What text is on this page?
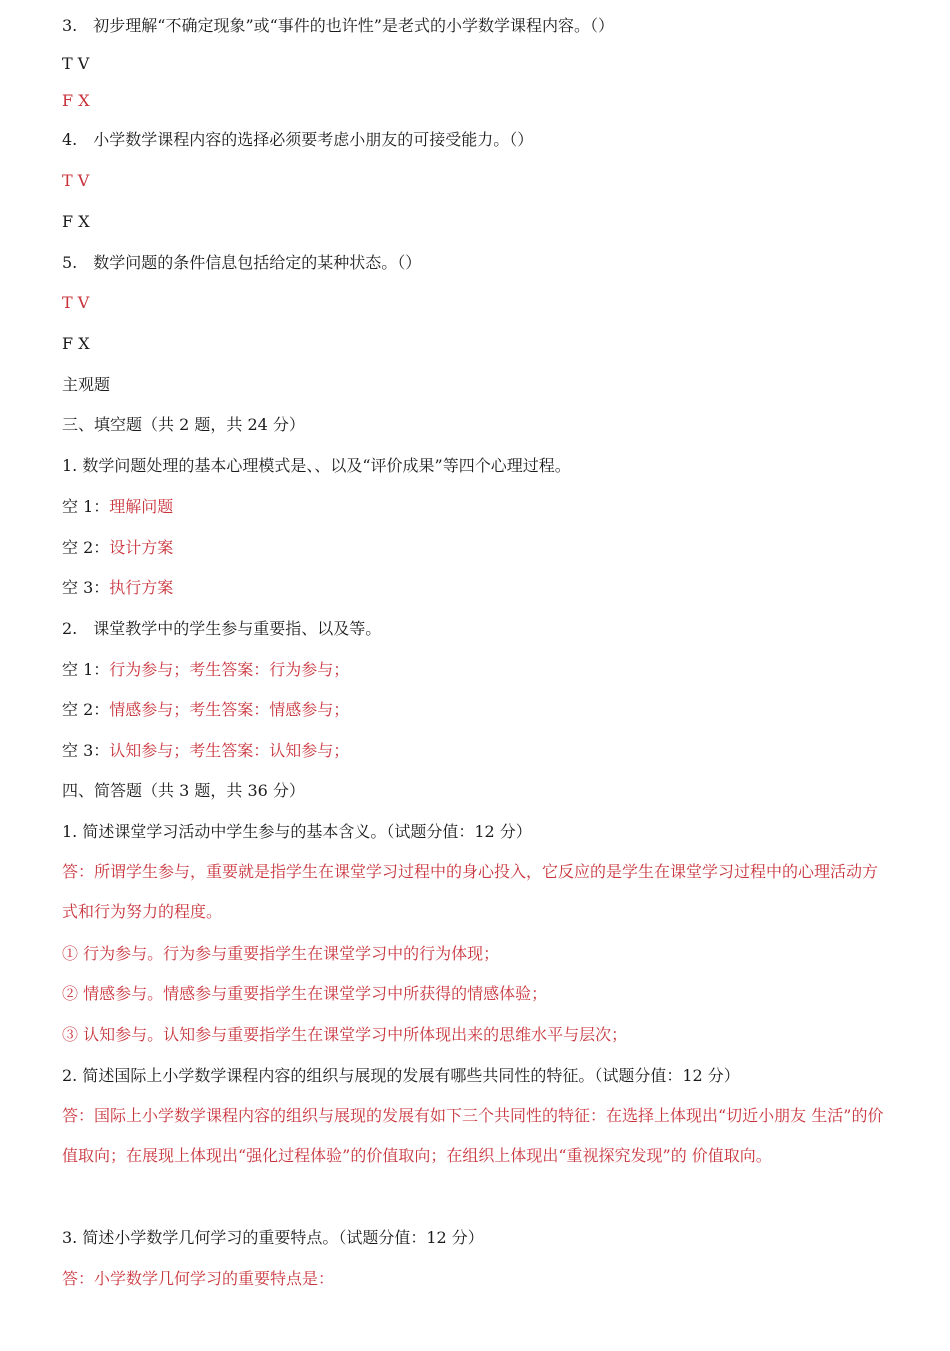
3.　初步理解“不确定现象”或“事件的也许性”是老式的小学数学课程内容。（）
T V
F X
4.　小学数学课程内容的选择必须要考虑小朋友的可接受能力。（）
T V
F X
5.　数学问题的条件信息包括给定的某种状态。（）
T V
F X
主观题
三、填空题（共 2 题，共 24 分）
1. 数学问题处理的基本心理模式是、、以及“评价成果”等四个心理过程。
空 1：理解问题
空 2：设计方案
空 3：执行方案
2.　课堂教学中的学生参与重要指、以及等。
空 1：行为参与；考生答案：行为参与；
空 2：情感参与；考生答案：情感参与；
空 3：认知参与；考生答案：认知参与；
四、简答题（共 3 题，共 36 分）
1. 简述课堂学习活动中学生参与的基本含义。（试题分值：12 分）
答：所谓学生参与，重要就是指学生在课堂学习过程中的身心投入，它反应的是学生在课堂学习过程中的心理活动方式和行为努力的程度。
① 行为参与。行为参与重要指学生在课堂学习中的行为体现；
② 情感参与。情感参与重要指学生在课堂学习中所获得的情感体验；
③ 认知参与。认知参与重要指学生在课堂学习中所体现出来的思维水平与层次；
2. 简述国际上小学数学课程内容的组织与展现的发展有哪些共同性的特征。（试题分值：12 分）
答：国际上小学数学课程内容的组织与展现的发展有如下三个共同性的特征：在选择上体现出“切近小朋友 生活”的价值取向；在展现上体现出“强化过程体验”的价值取向；在组织上体现出“重视探究发现”的 价值取向。
3. 简述小学数学几何学习的重要特点。（试题分值：12 分）
答：小学数学几何学习的重要特点是：
